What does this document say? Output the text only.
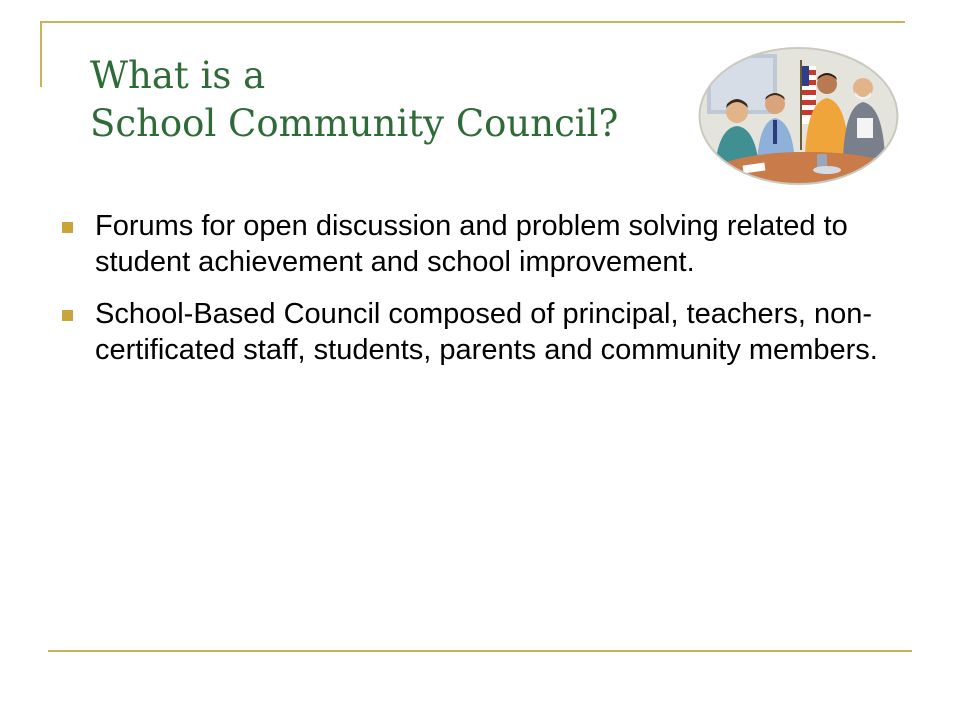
What is a
School Community Council?
Forums for open discussion and problem solving related to student achievement and school improvement.
School-Based Council composed of principal, teachers, non-certificated staff, students, parents and community members.
